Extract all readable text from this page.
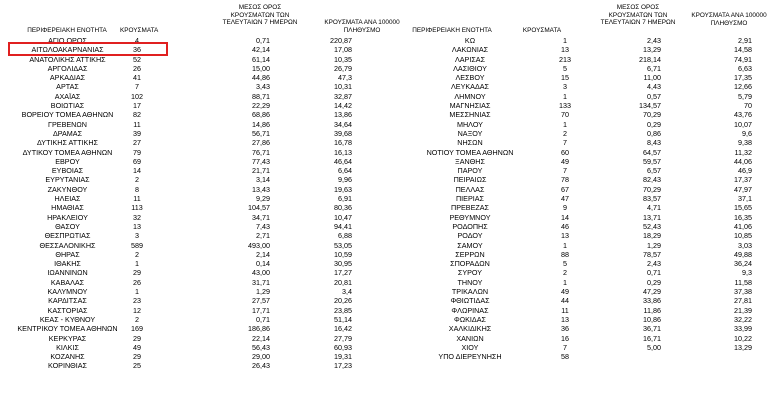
ΠΕΡΙΦΕΡΕΙΑΚΗ ΕΝΟΤΗΤΑ	ΚΡΟΥΣΜΑΤΑ
ΜΕΣΟΣ ΟΡΟΣ
ΚΡΟΥΣΜΑΤΩΝ ΤΩΝ
ΤΕΛΕΥΤΑΙΩΝ 7 ΗΜΕΡΩΝ	ΚΡΟΥΣΜΑΤΑ ΑΝΑ 100000
ΠΛΗΘΥΣΜΟ	ΠΕΡΙΦΕΡΕΙΑΚΗ ΕΝΟΤΗΤΑ	ΚΡΟΥΣΜΑΤΑ
ΜΕΣΟΣ ΟΡΟΣ
ΚΡΟΥΣΜΑΤΩΝ ΤΩΝ
ΤΕΛΕΥΤΑΙΩΝ 7 ΗΜΕΡΩΝ
ΚΡΟΥΣΜΑΤΑ ΑΝΑ 100000
ΠΛΗΘΥΣΜΟ
ΑΓΙΟ ΟΡΟΣ	4	0,71	220,87
ΑΙΤΩΛΟΑΚΑΡΝΑΝΙΑΣ	36	42,14	17,08
ΑΝΑΤΟΛΙΚΗΣ ΑΤΤΙΚΗΣ	52	61,14	10,35
ΑΡΓΟΛΙΔΑΣ	26	15,00	26,79
ΑΡΚΑΔΙΑΣ	41	44,86	47,3
ΑΡΤΑΣ	7	3,43	10,31
ΑΧΑΪΑΣ	102	88,71	32,87
ΒΟΙΩΤΙΑΣ	17	22,29	14,42
ΒΟΡΕΙΟΥ ΤΟΜΕΑ ΑΘΗΝΩΝ	82	68,86	13,86
ΓΡΕΒΕΝΩΝ	11	14,86	34,64
ΔΡΑΜΑΣ	39	56,71	39,68
ΔΥΤΙΚΗΣ ΑΤΤΙΚΗΣ	27	27,86	16,78
ΔΥΤΙΚΟΥ ΤΟΜΕΑ ΑΘΗΝΩΝ	79	76,71	16,13
ΕΒΡΟΥ	69	77,43	46,64
ΕΥΒΟΙΑΣ	14	21,71	6,64
ΕΥΡΥΤΑΝΙΑΣ	2	3,14	9,96
ΖΑΚΥΝΘΟΥ	8	13,43	19,63
ΗΛΕΙΑΣ	11	9,29	6,91
ΗΜΑΘΙΑΣ	113	104,57	80,36
ΗΡΑΚΛΕΙΟΥ	32	34,71	10,47
ΘΑΣΟΥ	13	7,43	94,41
ΘΕΣΠΡΩΤΙΑΣ	3	2,71	6,88
ΘΕΣΣΑΛΟΝΙΚΗΣ	589	493,00	53,05
ΘΗΡΑΣ	2	2,14	10,59
ΙΘΑΚΗΣ	1	0,14	30,95
ΙΩΑΝΝΙΝΩΝ	29	43,00	17,27
ΚΑΒΑΛΑΣ	26	31,71	20,81
ΚΑΛΥΜΝΟΥ	1	1,29	3,4
ΚΑΡΔΙΤΣΑΣ	23	27,57	20,26
ΚΑΣΤΟΡΙΑΣ	12	17,71	23,85
ΚΕΑΣ - ΚΥΘΝΟΥ	2	0,71	51,14
ΚΕΝΤΡΙΚΟΥ ΤΟΜΕΑ ΑΘΗΝΩΝ	169	186,86	16,42
ΚΕΡΚΥΡΑΣ	29	22,14	27,79
ΚΙΛΚΙΣ	49	56,43	60,93
ΚΟΖΑΝΗΣ	29	29,00	19,31
ΚΟΡΙΝΘΙΑΣ	25	26,43	17,23
ΚΩ	1	2,43	2,91
ΛΑΚΩΝΙΑΣ	13	13,29	14,58
ΛΑΡΙΣΑΣ	213	218,14	74,91
ΛΑΣΙΘΙΟΥ	5	6,71	6,63
ΛΕΣΒΟΥ	15	11,00	17,35
ΛΕΥΚΑΔΑΣ	3	4,43	12,66
ΛΗΜΝΟΥ	1	0,57	5,79
ΜΑΓΝΗΣΙΑΣ	133	134,57	70
ΜΕΣΣΗΝΙΑΣ	70	70,29	43,76
ΜΗΛΟΥ	1	0,29	10,07
ΝΑΞΟΥ	2	0,86	9,6
ΝΗΣΩΝ	7	8,43	9,38
ΝΟΤΙΟΥ ΤΟΜΕΑ ΑΘΗΝΩΝ	60	64,57	11,32
ΞΑΝΘΗΣ	49	59,57	44,06
ΠΑΡΟΥ	7	6,57	46,9
ΠΕΙΡΑΙΩΣ	78	82,43	17,37
ΠΕΛΛΑΣ	67	70,29	47,97
ΠΙΕΡΙΑΣ	47	83,57	37,1
ΠΡΕΒΕΖΑΣ	9	4,71	15,65
ΡΕΘΥΜΝΟΥ	14	13,71	16,35
ΡΟΔΟΠΗΣ	46	52,43	41,06
ΡΟΔΟΥ	13	18,29	10,85
ΣΑΜΟΥ	1	1,29	3,03
ΣΕΡΡΩΝ	88	78,57	49,88
ΣΠΟΡΑΔΩΝ	5	2,43	36,24
ΣΥΡΟΥ	2	0,71	9,3
ΤΗΝΟΥ	1	0,29	11,58
ΤΡΙΚΑΛΩΝ	49	47,29	37,38
ΦΘΙΩΤΙΔΑΣ	44	33,86	27,81
ΦΛΩΡΙΝΑΣ	11	11,86	21,39
ΦΩΚΙΔΑΣ	13	10,86	32,22
ΧΑΛΚΙΔΙΚΗΣ	36	36,71	33,99
ΧΑΝΙΩΝ	16	16,71	10,22
ΧΙΟΥ	7	5,00	13,29
ΥΠΟ ΔΙΕΡΕΥΝΗΣΗ	58
